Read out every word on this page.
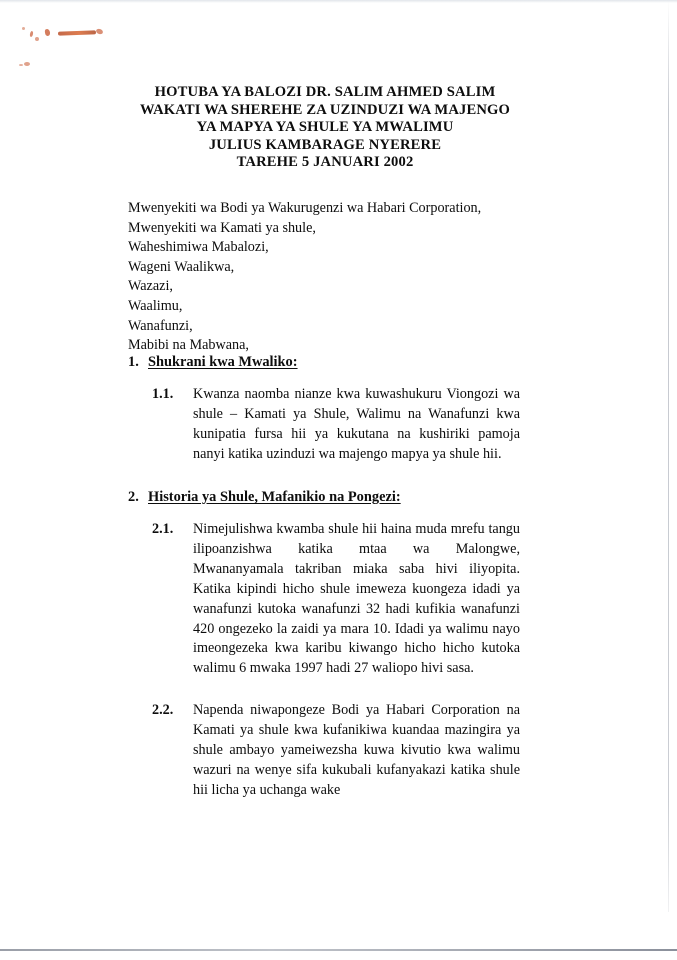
HOTUBA YA BALOZI DR. SALIM AHMED SALIM
WAKATI WA SHEREHE ZA UZINDUZI WA MAJENGO
YA MAPYA YA SHULE YA MWALIMU
JULIUS KAMBARAGE NYERERE
TAREHE 5 JANUARI 2002
Mwenyekiti wa Bodi ya Wakurugenzi wa Habari Corporation,
Mwenyekiti wa Kamati ya shule,
Waheshimiwa Mabalozi,
Wageni Waalikwa,
Wazazi,
Waalimu,
Wanafunzi,
Mabibi na Mabwana,
1. Shukrani kwa Mwaliko:
1.1. Kwanza naomba nianze kwa kuwashukuru Viongozi wa shule – Kamati ya Shule, Walimu na Wanafunzi kwa kunipatia fursa hii ya kukutana na kushiriki pamoja nanyi katika uzinduzi wa majengo mapya ya shule hii.
2. Historia ya Shule, Mafanikio na Pongezi:
2.1. Nimejulishwa kwamba shule hii haina muda mrefu tangu ilipoanzishwa katika mtaa wa Malongwe, Mwananyamala takriban miaka saba hivi iliyopita. Katika kipindi hicho shule imeweza kuongeza idadi ya wanafunzi kutoka wanafunzi 32 hadi kufikia wanafunzi 420 ongezeko la zaidi ya mara 10. Idadi ya walimu nayo imeongezeka kwa karibu kiwango hicho hicho kutoka walimu 6 mwaka 1997 hadi 27 waliopo hivi sasa.
2.2. Napenda niwapongeze Bodi ya Habari Corporation na Kamati ya shule kwa kufanikiwa kuandaa mazingira ya shule ambayo yameiwezsha kuwa kivutio kwa walimu wazuri na wenye sifa kukubali kufanyakazi katika shule hii licha ya uchanga wake
